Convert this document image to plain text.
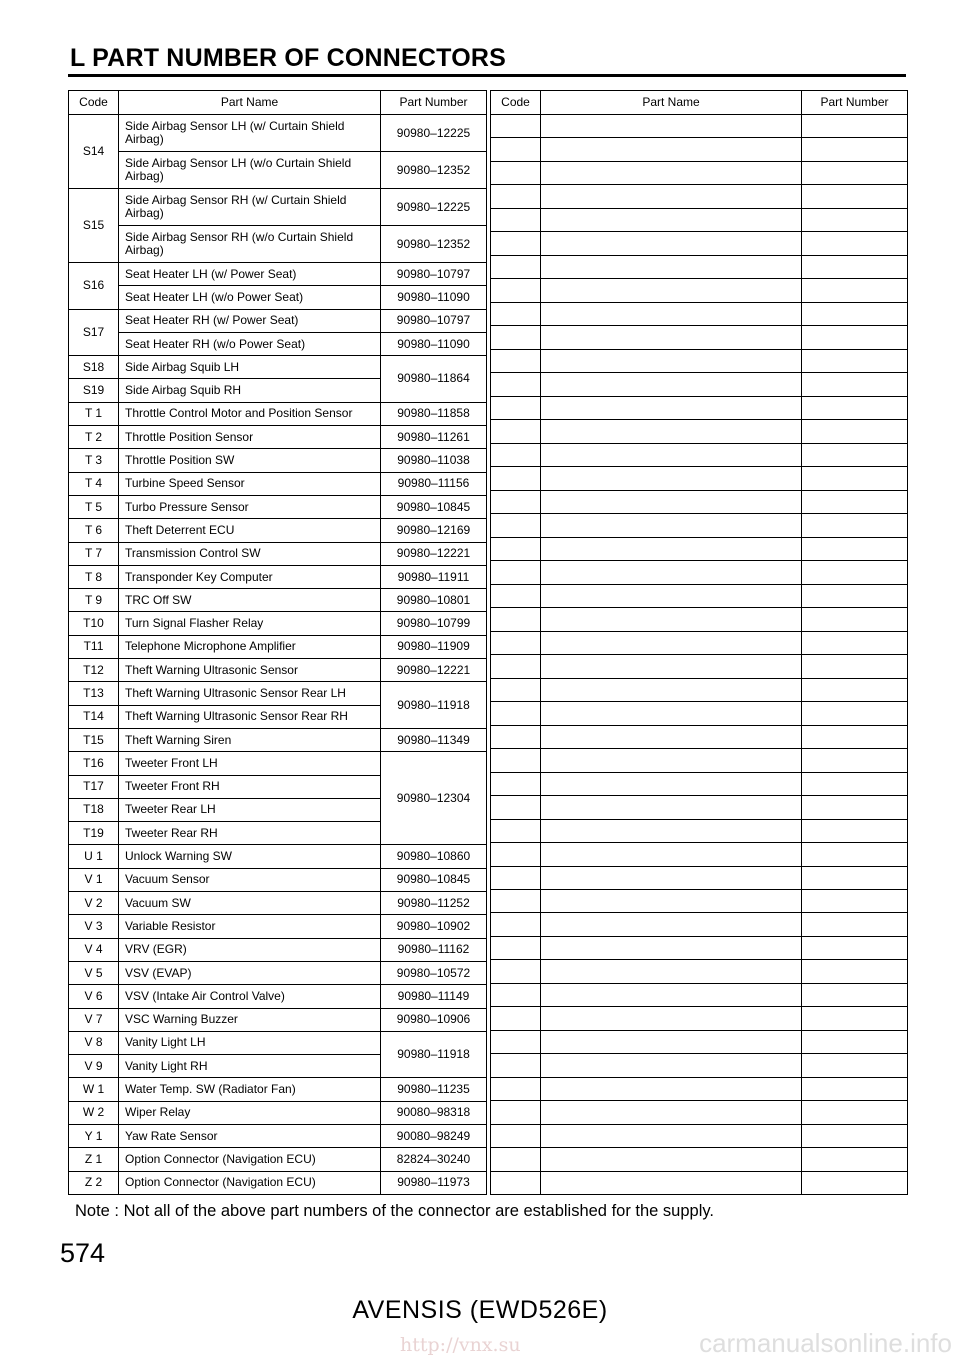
L PART NUMBER OF CONNECTORS
Code	Part Name	Part Number
S14	Side Airbag Sensor LH (w/ Curtain Shield Airbag)	90980–12225
	Side Airbag Sensor LH (w/o Curtain Shield Airbag)	90980–12352
S15	Side Airbag Sensor RH (w/ Curtain Shield Airbag)	90980–12225
	Side Airbag Sensor RH (w/o Curtain Shield Airbag)	90980–12352
S16	Seat Heater LH (w/ Power Seat)	90980–10797
	Seat Heater LH (w/o Power Seat)	90980–11090
S17	Seat Heater RH (w/ Power Seat)	90980–10797
	Seat Heater RH (w/o Power Seat)	90980–11090
S18	Side Airbag Squib LH	90980–11864
S19	Side Airbag Squib RH	
T 1	Throttle Control Motor and Position Sensor	90980–11858
T 2	Throttle Position Sensor	90980–11261
T 3	Throttle Position SW	90980–11038
T 4	Turbine Speed Sensor	90980–11156
T 5	Turbo Pressure Sensor	90980–10845
T 6	Theft Deterrent ECU	90980–12169
T 7	Transmission Control SW	90980–12221
T 8	Transponder Key Computer	90980–11911
T 9	TRC Off SW	90980–10801
T10	Turn Signal Flasher Relay	90980–10799
T11	Telephone Microphone Amplifier	90980–11909
T12	Theft Warning Ultrasonic Sensor	90980–12221
T13	Theft Warning Ultrasonic Sensor Rear LH	90980–11918
T14	Theft Warning Ultrasonic Sensor Rear RH	
T15	Theft Warning Siren	90980–11349
T16	Tweeter Front LH	90980–12304
T17	Tweeter Front RH	
T18	Tweeter Rear LH	
T19	Tweeter Rear RH	
U 1	Unlock Warning SW	90980–10860
V 1	Vacuum Sensor	90980–10845
V 2	Vacuum SW	90980–11252
V 3	Variable Resistor	90980–10902
V 4	VRV (EGR)	90980–11162
V 5	VSV (EVAP)	90980–10572
V 6	VSV (Intake Air Control Valve)	90980–11149
V 7	VSC Warning Buzzer	90980–10906
V 8	Vanity Light LH	90980–11918
V 9	Vanity Light RH	
W 1	Water Temp. SW (Radiator Fan)	90980–11235
W 2	Wiper Relay	90080–98318
Y 1	Yaw Rate Sensor	90080–98249
Z 1	Option Connector (Navigation ECU)	82824–30240
Z 2	Option Connector (Navigation ECU)	90980–11973
Code	Part Name	Part Number

Note : Not all of the above part numbers of the connector are established for the supply.
574
AVENSIS (EWD526E)
http://vnx.su	carmanualsonline.info
